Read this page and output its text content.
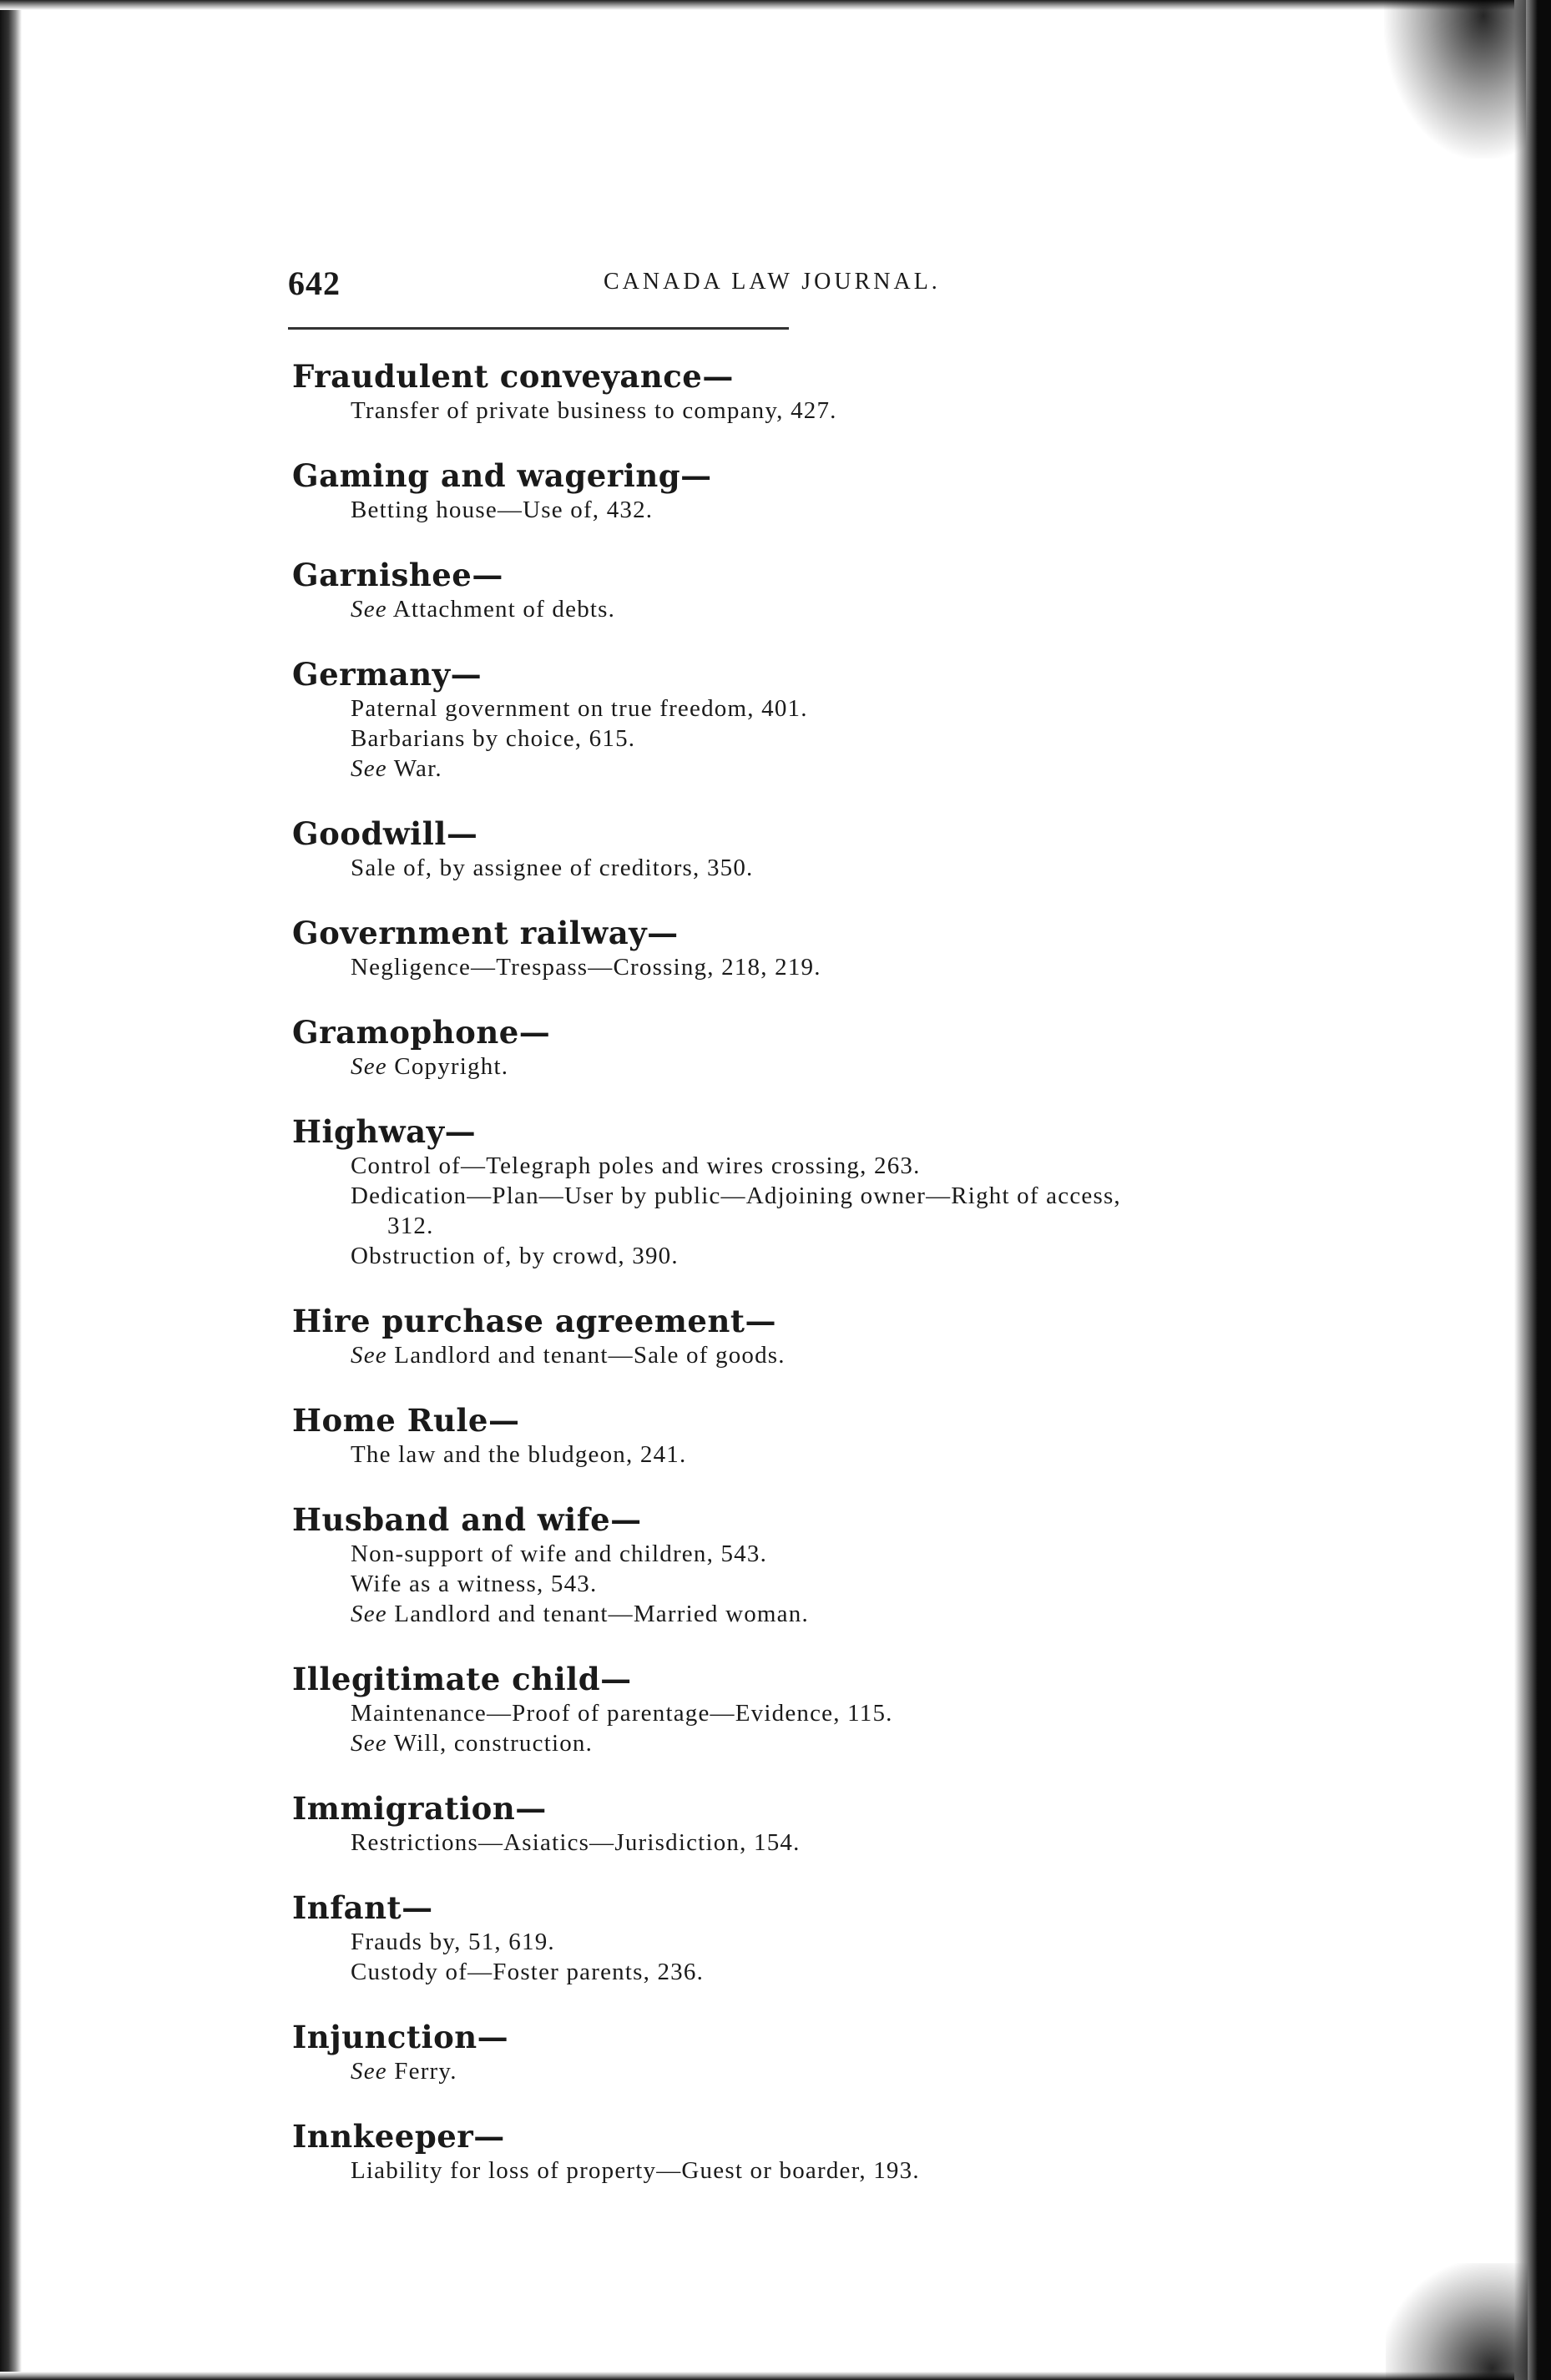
642	CANADA LAW JOURNAL.
Fraudulent conveyance—
Transfer of private business to company, 427.
Gaming and wagering—
Betting house—Use of, 432.
Garnishee—
See Attachment of debts.
Germany—
Paternal government on true freedom, 401.
Barbarians by choice, 615.
See War.
Goodwill—
Sale of, by assignee of creditors, 350.
Government railway—
Negligence—Trespass—Crossing, 218, 219.
Gramophone—
See Copyright.
Highway—
Control of—Telegraph poles and wires crossing, 263.
Dedication—Plan—User by public—Adjoining owner—Right of access,
312.
Obstruction of, by crowd, 390.
Hire purchase agreement—
See Landlord and tenant—Sale of goods.
Home Rule—
The law and the bludgeon, 241.
Husband and wife—
Non-support of wife and children, 543.
Wife as a witness, 543.
See Landlord and tenant—Married woman.
Illegitimate child—
Maintenance—Proof of parentage—Evidence, 115.
See Will, construction.
Immigration—
Restrictions—Asiatics—Jurisdiction, 154.
Infant—
Frauds by, 51, 619.
Custody of—Foster parents, 236.
Injunction—
See Ferry.
Innkeeper—
Liability for loss of property—Guest or boarder, 193.
